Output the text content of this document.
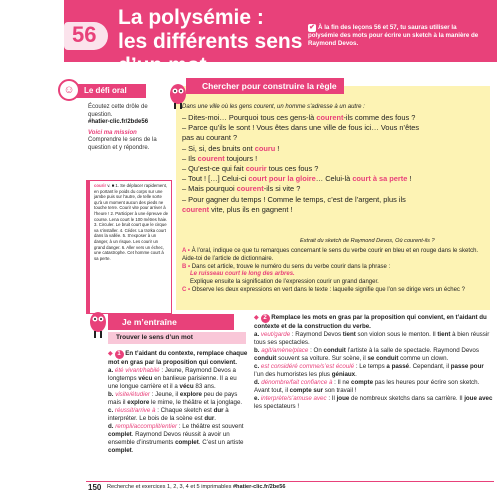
56
La polysémie :
les différents sens
d’un mot
✔ À la fin des leçons 56 et 57, tu sauras utiliser la polysémie des mots pour écrire un sketch à la manière de Raymond Devos.
Le défi oral
☺
Écoutez cette drôle de question.
#hatier-clic.fr/2bde56
Voici ma mission
Comprendre le sens de la question et y répondre.
courir v. ■ 1. Se déplacer rapidement, en portant le poids du corps sur une jambe puis sur l’autre, de telle sorte qu’à un moment aucun des pieds ne touche terre. Courir vite pour arriver à l’heure ! 2. Participer à une épreuve de course. Lena court le 100 mètres haie. 3. Circuler. Le bruit court que le cirque va s’installer. 4. Céder. La troïka court dans la vallée. 5. S’exposer à un danger, à un risque. Les courir un grand danger. 6. Aller vers un échec, une catastrophe. Cet homme court à sa perte.
Chercher pour construire la règle
Dans une ville où les gens courent, un homme s’adresse à un autre :
– Dites-moi… Pourquoi tous ces gens-là courent-ils comme des fous ?
– Parce qu’ils le sont ! Vous êtes dans une ville de fous ici… Vous n’êtes
pas au courant ?
– Si, si, des bruits ont couru !
– Ils courent toujours !
– Qu’est-ce qui fait courir tous ces fous ?
– Tout ! […] Celui-ci court pour la gloire… Celui-là court à sa perte !
– Mais pourquoi courent-ils si vite ?
– Pour gagner du temps ! Comme le temps, c’est de l’argent, plus ils
courent vite, plus ils en gagnent !
Extrait du sketch de Raymond Devos, Où courent-ils ?
A • À l’oral, indique ce que tu remarques concernant le sens du verbe courir en bleu et en rouge dans le sketch. Aide-toi de l’article de dictionnaire.
B • Dans cet article, trouve le numéro du sens du verbe courir dans la phrase :
Le ruisseau court le long des arbres.
Explique ensuite la signification de l’expression courir un grand danger.
C • Observe les deux expressions en vert dans le texte : laquelle signifie que l’on se dirige vers un échec ?
Je m’entraîne
Trouver le sens d’un mot
◆ 1 En t’aidant du contexte, remplace chaque mot en gras par la proposition qui convient.
a. été vivant/habilé : Jeune, Raymond Devos a longtemps vécu en banlieue parisienne. Il a eu une longue carrière et il a vécu 83 ans.
b. visite/étudier : Jeune, il explore peu de pays mais il explore le mime, le théâtre et la jonglage.
c. réussit/arrive à : Chaque sketch est dur à interpréter. Le bois de la scène est dur.
d. rempli/accomplit/entier : Le théâtre est souvent complet. Raymond Devos réussit à avoir un ensemble d’instruments complet. C’est un artiste complet.
◆ 2 Remplace les mots en gras par la proposition qui convient, en t’aidant du contexte et de la construction du verbe.
a. veut/garde : Raymond Devos tient son violon sous le menton. Il tient à bien réussir tous ses spectacles.
b. agit/amène/place : On conduit l’artiste à la salle de spectacle. Raymond Devos conduit souvent sa voiture. Sur scène, il se conduit comme un clown.
c. est considéré comme/s’est écoulé : Le temps a passé. Cependant, il passe pour l’un des humoristes les plus géniaux.
d. dénombre/fait confiance à : Il ne compte pas les heures pour écrire son sketch. Avant tout, il compte sur son travail !
e. interprète/s’amuse avec : Il joue de nombreux sketchs dans sa carrière. Il joue avec les spectateurs !
150 Recherche et exercices 1, 2, 3, 4 et 5 imprimables #hatier-clic.fr/2be56
